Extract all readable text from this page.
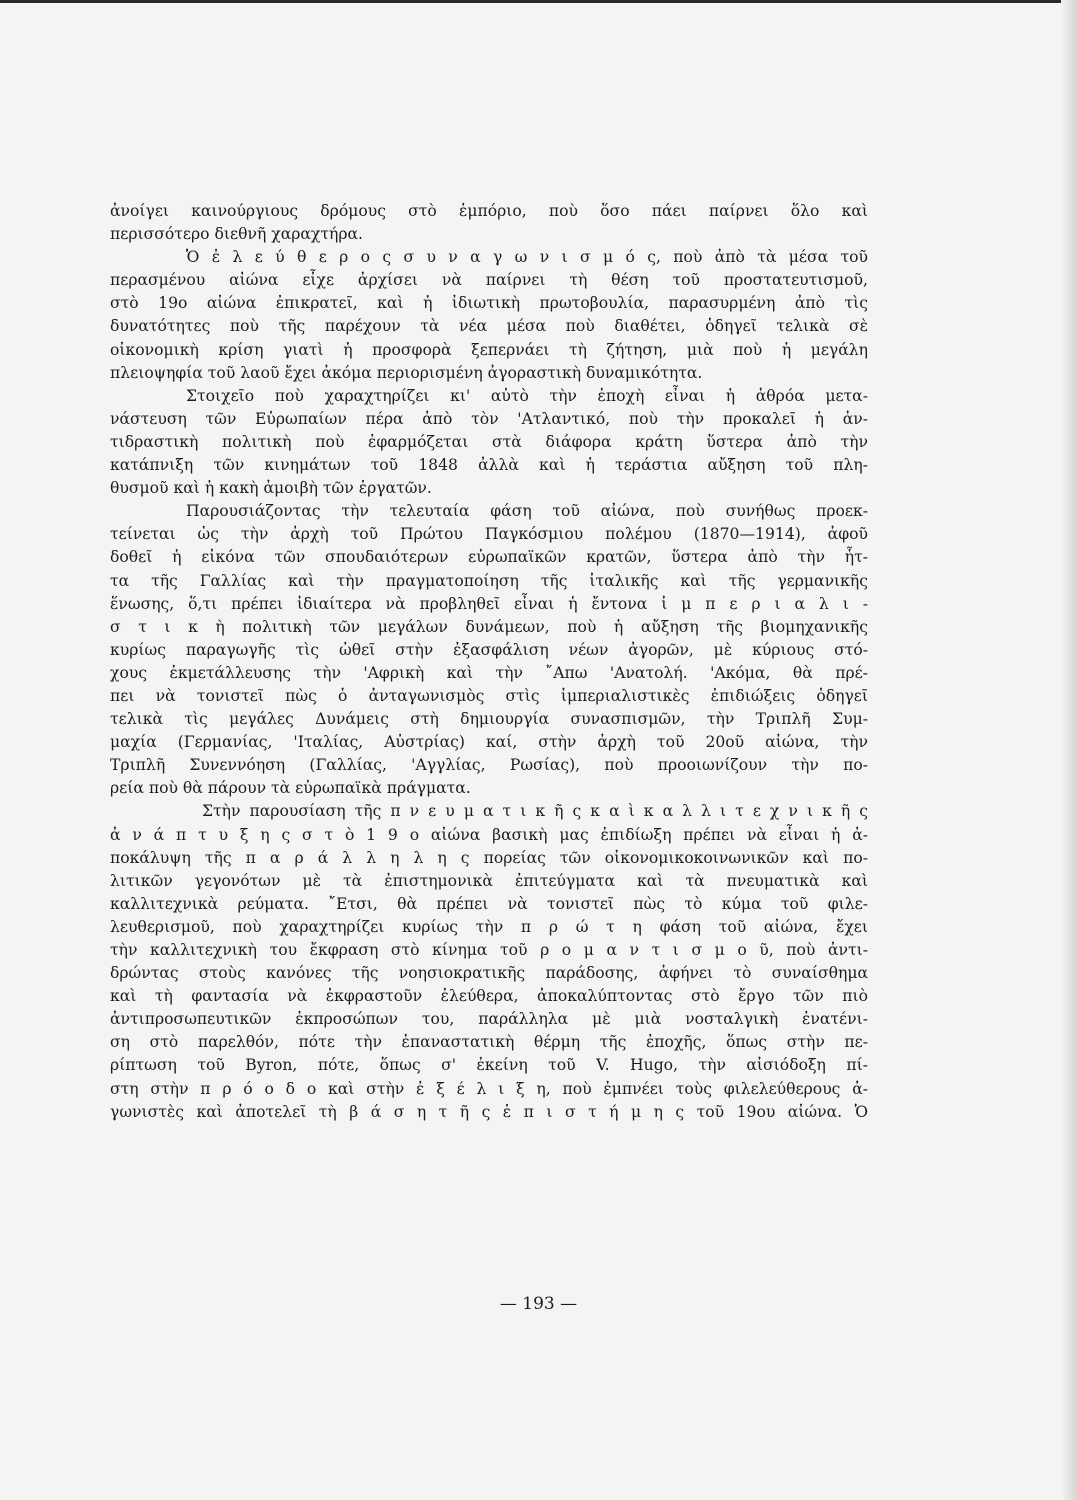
ἀνοίγει καινούργιους δρόμους στὸ ἐμπόριο, ποὺ ὅσο πάει παίρνει ὅλο καὶ
περισσότερο διεθνῆ χαραχτήρα.
Ὁ ἐ λ ε ύ θ ε ρ ο ς σ υ ν α γ ω ν ι σ μ ό ς, ποὺ ἀπὸ τὰ μέσα τοῦ
περασμένου αἰώνα εἶχε ἀρχίσει νὰ παίρνει τὴ θέση τοῦ προστατευτισμοῦ,
στὸ 19ο αἰώνα ἐπικρατεῖ, καὶ ἡ ἰδιωτικὴ πρωτοβουλία, παρασυρμένη ἀπὸ τὶς
δυνατότητες ποὺ τῆς παρέχουν τὰ νέα μέσα ποὺ διαθέτει, ὁδηγεῖ τελικὰ σὲ
οἰκονομικὴ κρίση γιατὶ ἡ προσφορὰ ξεπερνάει τὴ ζήτηση, μιὰ ποὺ ἡ μεγάλη
πλειοψηφία τοῦ λαοῦ ἔχει ἀκόμα περιορισμένη ἀγοραστικὴ δυναμικότητα.
Στοιχεῖο ποὺ χαραχτηρίζει κι' αὐτὸ τὴν ἐποχὴ εἶναι ἡ ἀθρόα μετα-
νάστευση τῶν Εὐρωπαίων πέρα ἀπὸ τὸν 'Ατλαντικό, ποὺ τὴν προκαλεῖ ἡ ἀν-
τιδραστικὴ πολιτικὴ ποὺ ἐφαρμόζεται στὰ διάφορα κράτη ὕστερα ἀπὸ τὴν
κατάπνιξη τῶν κινημάτων τοῦ 1848 ἀλλὰ καὶ ἡ τεράστια αὔξηση τοῦ πλη-
θυσμοῦ καὶ ἡ κακὴ ἀμοιβὴ τῶν ἐργατῶν.
Παρουσιάζοντας τὴν τελευταία φάση τοῦ αἰώνα, ποὺ συνήθως προεκ-
τείνεται ὡς τὴν ἀρχὴ τοῦ Πρώτου Παγκόσμιου πολέμου (1870—1914), ἀφοῦ
δοθεῖ ἡ εἰκόνα τῶν σπουδαιότερων εὐρωπαϊκῶν κρατῶν, ὕστερα ἀπὸ τὴν ἧτ-
τα τῆς Γαλλίας καὶ τὴν πραγματοποίηση τῆς ἰταλικῆς καὶ τῆς γερμανικῆς
ἕνωσης, ὅ,τι πρέπει ἰδιαίτερα νὰ προβληθεῖ εἶναι ἡ ἔντονα ἰ μ π ε ρ ι α λ ι -
σ τ ι κ ὴ πολιτικὴ τῶν μεγάλων δυνάμεων, ποὺ ἡ αὔξηση τῆς βιομηχανικῆς
κυρίως παραγωγῆς τὶς ὠθεῖ στὴν ἐξασφάλιση νέων ἀγορῶν, μὲ κύριους στό-
χους ἐκμετάλλευσης τὴν 'Αφρικὴ καὶ τὴν ῎Απω 'Ανατολή. 'Ακόμα, θὰ πρέ-
πει νὰ τονιστεῖ πὼς ὁ ἀνταγωνισμὸς στὶς ἰμπεριαλιστικὲς ἐπιδιώξεις ὁδηγεῖ
τελικὰ τὶς μεγάλες Δυνάμεις στὴ δημιουργία συνασπισμῶν, τὴν Τριπλῆ Συμ-
μαχία (Γερμανίας, 'Ιταλίας, Αὐστρίας) καί, στὴν ἀρχὴ τοῦ 20οῦ αἰώνα, τὴν
Τριπλῆ Συνεννόηση (Γαλλίας, 'Αγγλίας, Ρωσίας), ποὺ προοιωνίζουν τὴν πο-
ρεία ποὺ θὰ πάρουν τὰ εὐρωπαϊκὰ πράγματα.
Στὴν παρουσίαση τῆς π ν ε υ μ α τ ι κ ῆ ς κ α ὶ κ α λ λ ι τ ε χ ν ι κ ῆ ς
ἀ ν ά π τ υ ξ η ς σ τ ὸ 1 9 ο αἰώνα βασικὴ μας ἐπιδίωξη πρέπει νὰ εἶναι ἡ ἀ-
ποκάλυψη τῆς π α ρ ά λ λ η λ η ς πορείας τῶν οἰκονομικοκοινωνικῶν καὶ πο-
λιτικῶν γεγονότων μὲ τὰ ἐπιστημονικὰ ἐπιτεύγματα καὶ τὰ πνευματικὰ καὶ
καλλιτεχνικὰ ρεύματα. ῎Ετσι, θὰ πρέπει νὰ τονιστεῖ πὼς τὸ κύμα τοῦ φιλε-
λευθερισμοῦ, ποὺ χαραχτηρίζει κυρίως τὴν π ρ ώ τ η φάση τοῦ αἰώνα, ἔχει
τὴν καλλιτεχνικὴ του ἔκφραση στὸ κίνημα τοῦ ρ ο μ α ν τ ι σ μ ο ῦ, ποὺ ἀντι-
δρώντας στοὺς κανόνες τῆς νοησιοκρατικῆς παράδοσης, ἀφήνει τὸ συναίσθημα
καὶ τὴ φαντασία νὰ ἐκφραστοῦν ἐλεύθερα, ἀποκαλύπτοντας στὸ ἔργο τῶν πιὸ
ἀντιπροσωπευτικῶν ἐκπροσώπων του, παράλληλα μὲ μιὰ νοσταλγικὴ ἐνατένι-
ση στὸ παρελθόν, πότε τὴν ἐπαναστατικὴ θέρμη τῆς ἐποχῆς, ὅπως στὴν πε-
ρίπτωση τοῦ Byron, πότε, ὅπως σ' ἐκείνη τοῦ V. Hugo, τὴν αἰσιόδοξη πί-
στη στὴν π ρ ό ο δ ο καὶ στὴν ἐ ξ έ λ ι ξ η, ποὺ ἐμπνέει τοὺς φιλελεύθερους ἀ-
γωνιστὲς καὶ ἀποτελεῖ τὴ β ά σ η τ ῆ ς ἐ π ι σ τ ή μ η ς τοῦ 19ου αἰώνα. Ὁ
— 193 —
